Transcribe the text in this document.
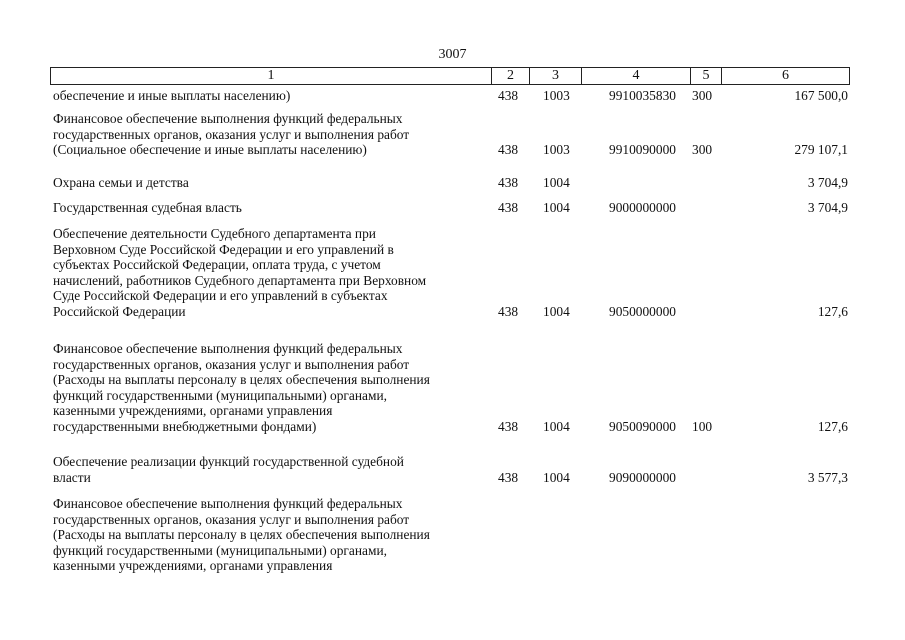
3007
1	2	3	4	5	6
обеспечение и иные выплаты населению)	438 1003	9910035830 300	167 500,0
Финансовое обеспечение выполнения функций федеральных
государственных органов, оказания услуг и выполнения работ
(Социальное обеспечение и иные выплаты населению)	438 1003	9910090000 300	279 107,1
Охрана семьи и детства	438 1004	3 704,9
Государственная судебная власть	438 1004	9000000000	3 704,9
Обеспечение деятельности Судебного департамента при
Верховном Суде Российской Федерации и его управлений в
субъектах Российской Федерации, оплата труда, с учетом
начислений, работников Судебного департамента при Верховном
Суде Российской Федерации и его управлений в субъектах
Российской Федерации	438 1004	9050000000	127,6
Финансовое обеспечение выполнения функций федеральных
государственных органов, оказания услуг и выполнения работ
(Расходы на выплаты персоналу в целях обеспечения выполнения
функций государственными (муниципальными) органами,
казенными учреждениями, органами управления
государственными внебюджетными фондами)	438 1004	9050090000 100	127,6
Обеспечение реализации функций государственной судебной
власти	438 1004	9090000000	3 577,3
Финансовое обеспечение выполнения функций федеральных
государственных органов, оказания услуг и выполнения работ
(Расходы на выплаты персоналу в целях обеспечения выполнения
функций государственными (муниципальными) органами,
казенными учреждениями, органами управления
